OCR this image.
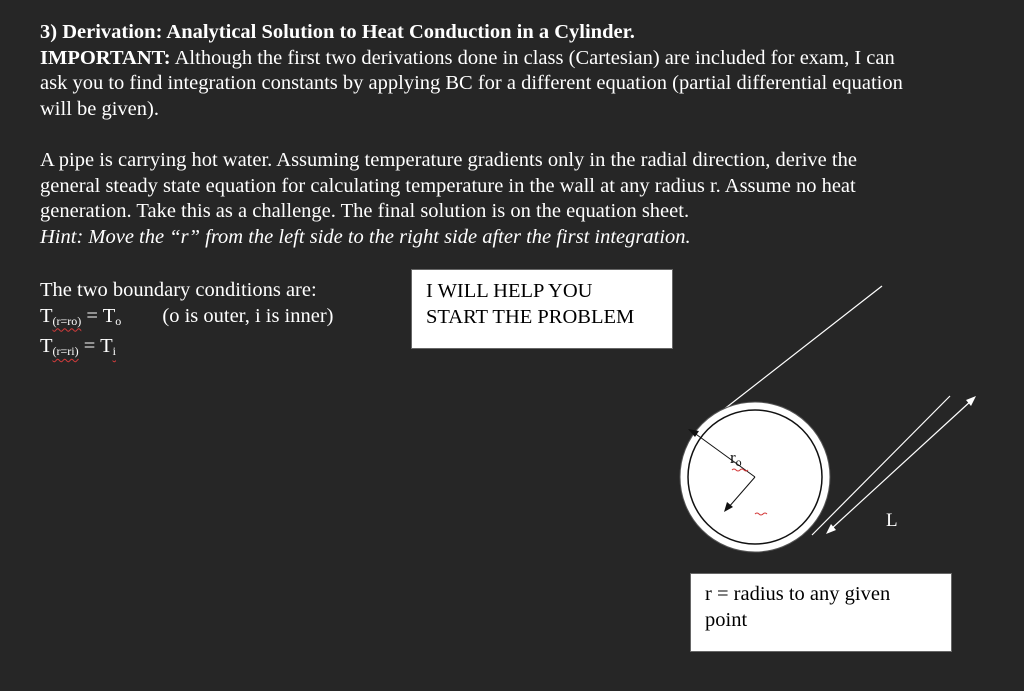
3) Derivation: Analytical Solution to Heat Conduction in a Cylinder.

IMPORTANT: Although the first two derivations done in class (Cartesian) are included for exam, I can ask you to find integration constants by applying BC for a different equation (partial differential equation will be given).

A pipe is carrying hot water. Assuming temperature gradients only in the radial direction, derive the general steady state equation for calculating temperature in the wall at any radius r. Assume no heat generation. Take this as a challenge. The final solution is on the equation sheet.

Hint: Move the “r” from the left side to the right side after the first integration.

The two boundary conditions are:

$T_{(r=ro)} = T_o$ (o is outer, i is inner)

$T_{(r=ri)} = T_i$

I WILL HELP YOU
START THE PROBLEM
ro
L
r = radius to any given point
